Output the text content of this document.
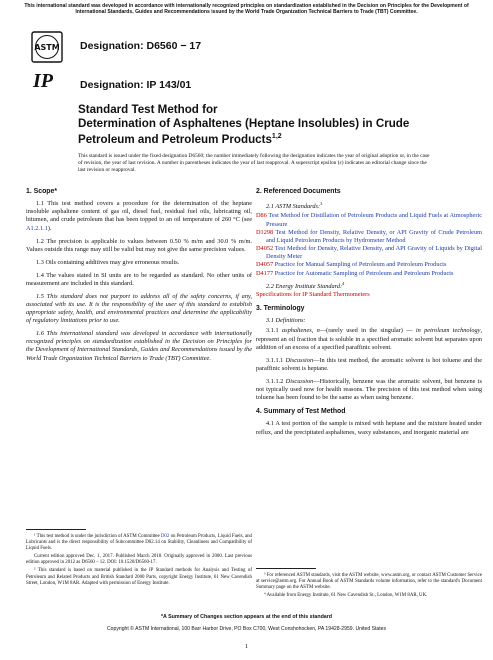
This international standard was developed in accordance with internationally recognized principles on standardization established in the Decision on Principles for the Development of International Standards, Guides and Recommendations issued by the World Trade Organization Technical Barriers to Trade (TBT) Committee.
ASTM
IP
Designation: D6560 − 17
Designation: IP 143/01
Standard Test Method for
Determination of Asphaltenes (Heptane Insolubles) in Crude
Petroleum and Petroleum Products$^{1,2}$
This standard is issued under the fixed designation D6560; the number immediately following the designation indicates the year of original adoption or, in the case of revision, the year of last revision. A number in parentheses indicates the year of last reapproval. A superscript epsilon (ε) indicates an editorial change since the last revision or reapproval.
1. Scope*

1.1 This test method covers a procedure for the determination of the heptane insoluble asphaltene content of gas oil, diesel fuel, residual fuel oils, lubricating oil, bitumen, and crude petroleum that has been topped to an oil temperature of 260 °C (see A1.2.1.1).

1.2 The precision is applicable to values between 0.50 % m/m and 30.0 % m/m. Values outside this range may still be valid but may not give the same precision values.

1.3 Oils containing additives may give erroneous results.

1.4 The values stated in SI units are to be regarded as standard. No other units of measurement are included in this standard.

1.5 This standard does not purport to address all of the safety concerns, if any, associated with its use. It is the responsibility of the user of this standard to establish appropriate safety, health, and environmental practices and determine the applicability of regulatory limitations prior to use.

1.6 This international standard was developed in accordance with internationally recognized principles on standardization established in the Decision on Principles for the Development of International Standards, Guides and Recommendations issued by the World Trade Organization Technical Barriers to Trade (TBT) Committee.

¹ This test method is under the jurisdiction of ASTM Committee D02 on Petroleum Products, Liquid Fuels, and Lubricants and is the direct responsibility of Subcommittee D02.14 on Stability, Cleanliness and Compatibility of Liquid Fuels.

Current edition approved Dec. 1, 2017. Published March 2018. Originally approved in 2000. Last previous edition approved in 2012 as D6560 – 12. DOI: 10.1520/D6560-17.

² This standard is based on material published in the IP Standard methods for Analysis and Testing of Petroleum and Related Products and British Standard 2000 Parts, copyright Energy Institute, 61 New Cavendish Street, London, W1M 8AR. Adapted with permission of Energy Institute.

2. Referenced Documents

2.1 ASTM Standards:$^3$

D86 Test Method for Distillation of Petroleum Products and Liquid Fuels at Atmospheric Pressure

D1298 Test Method for Density, Relative Density, or API Gravity of Crude Petroleum and Liquid Petroleum Products by Hydrometer Method

D4052 Test Method for Density, Relative Density, and API Gravity of Liquids by Digital Density Meter

D4057 Practice for Manual Sampling of Petroleum and Petroleum Products

D4177 Practice for Automatic Sampling of Petroleum and Petroleum Products

2.2 Energy Institute Standard:$^4$

Specifications for IP Standard Thermometers

3. Terminology

3.1 Definitions:

3.1.1 asphaltenes, n—(rarely used in the singular) — in petroleum technology, represent an oil fraction that is soluble in a specified aromatic solvent but separates upon addition of an excess of a specified paraffinic solvent.

3.1.1.1 Discussion—In this test method, the aromatic solvent is hot toluene and the paraffinic solvent is heptane.

3.1.1.2 Discussion—Historically, benzene was the aromatic solvent, but benzene is not typically used now for health reasons. The precision of this test method when using toluene has been found to be the same as when using benzene.

4. Summary of Test Method

4.1 A test portion of the sample is mixed with heptane and the mixture heated under reflux, and the precipitated asphaltenes, waxy substances, and inorganic material are

³ For referenced ASTM standards, visit the ASTM website, www.astm.org, or contact ASTM Customer Service at service@astm.org. For Annual Book of ASTM Standards volume information, refer to the standard's Document Summary page on the ASTM website.

⁴ Available from Energy Institute, 61 New Cavendish St., London, W1M 8AR, UK.

*A Summary of Changes section appears at the end of this standard
Copyright © ASTM International, 100 Barr Harbor Drive, PO Box C700, West Conshohocken, PA 19428-2959. United States
1
